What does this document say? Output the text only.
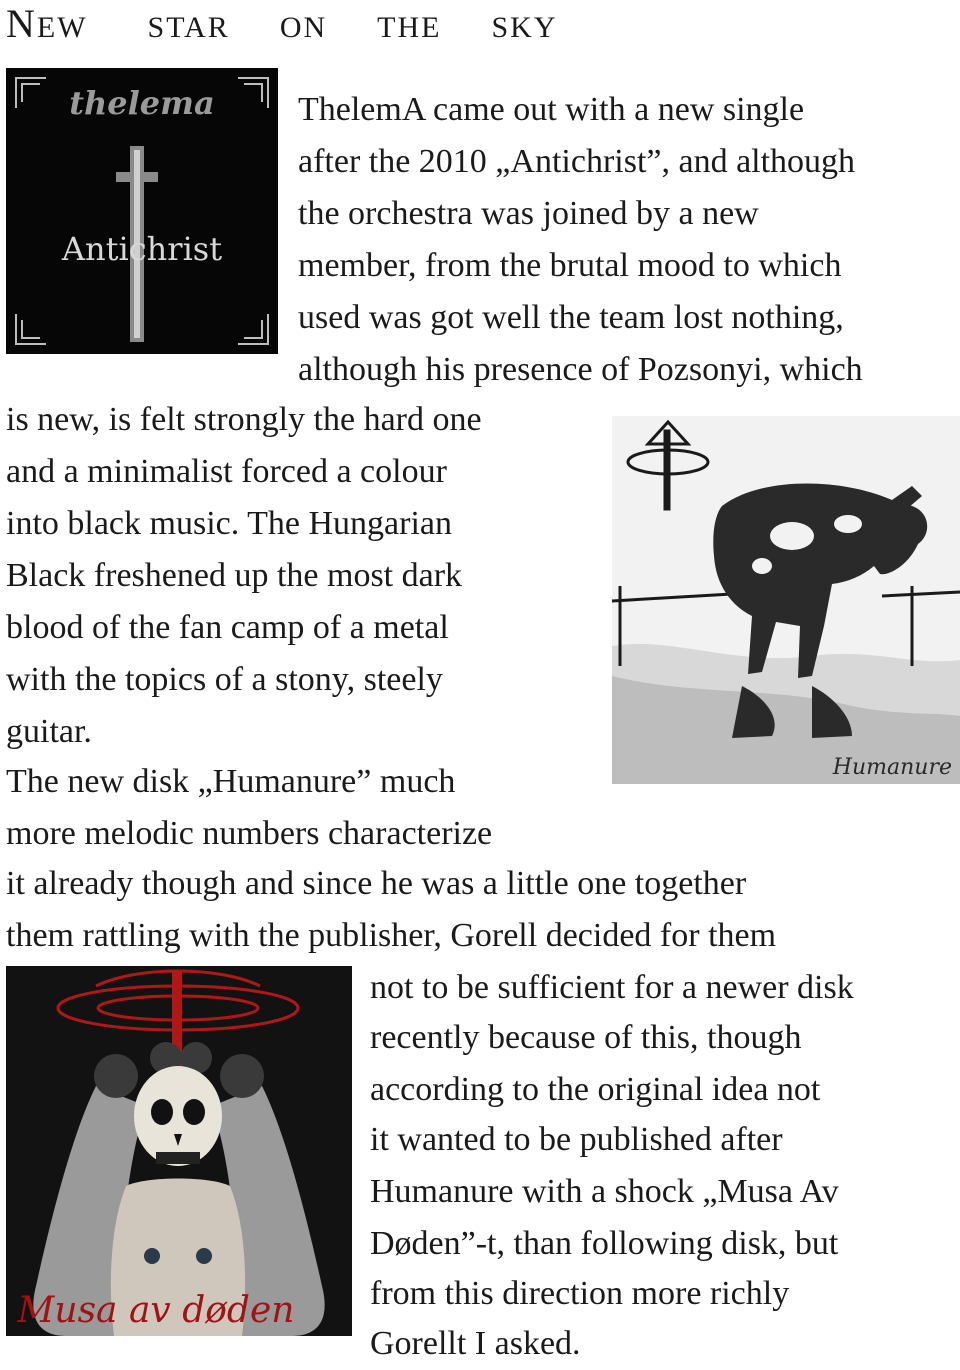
NEW STAR ON THE SKY
thelema
Antichrist
Humanure
Musa av døden
ThelemA came out with a new single
after the 2010 „Antichrist”, and although
the orchestra was joined by a new
member, from the brutal mood to which
used was got well the team lost nothing,
although his presence of Pozsonyi, which
is new, is felt strongly the hard one
and a minimalist forced a colour
into black music. The Hungarian
Black freshened up the most dark
blood of the fan camp of a metal
with the topics of a stony, steely
guitar.
The new disk „Humanure” much
more melodic numbers characterize
it already though and since he was a little one together
them rattling with the publisher, Gorell decided for them
not to be sufficient for a newer disk
recently because of this, though
according to the original idea not
it wanted to be published after
Humanure with a shock „Musa Av
Døden”-t, than following disk, but
from this direction more richly
Gorellt I asked.
